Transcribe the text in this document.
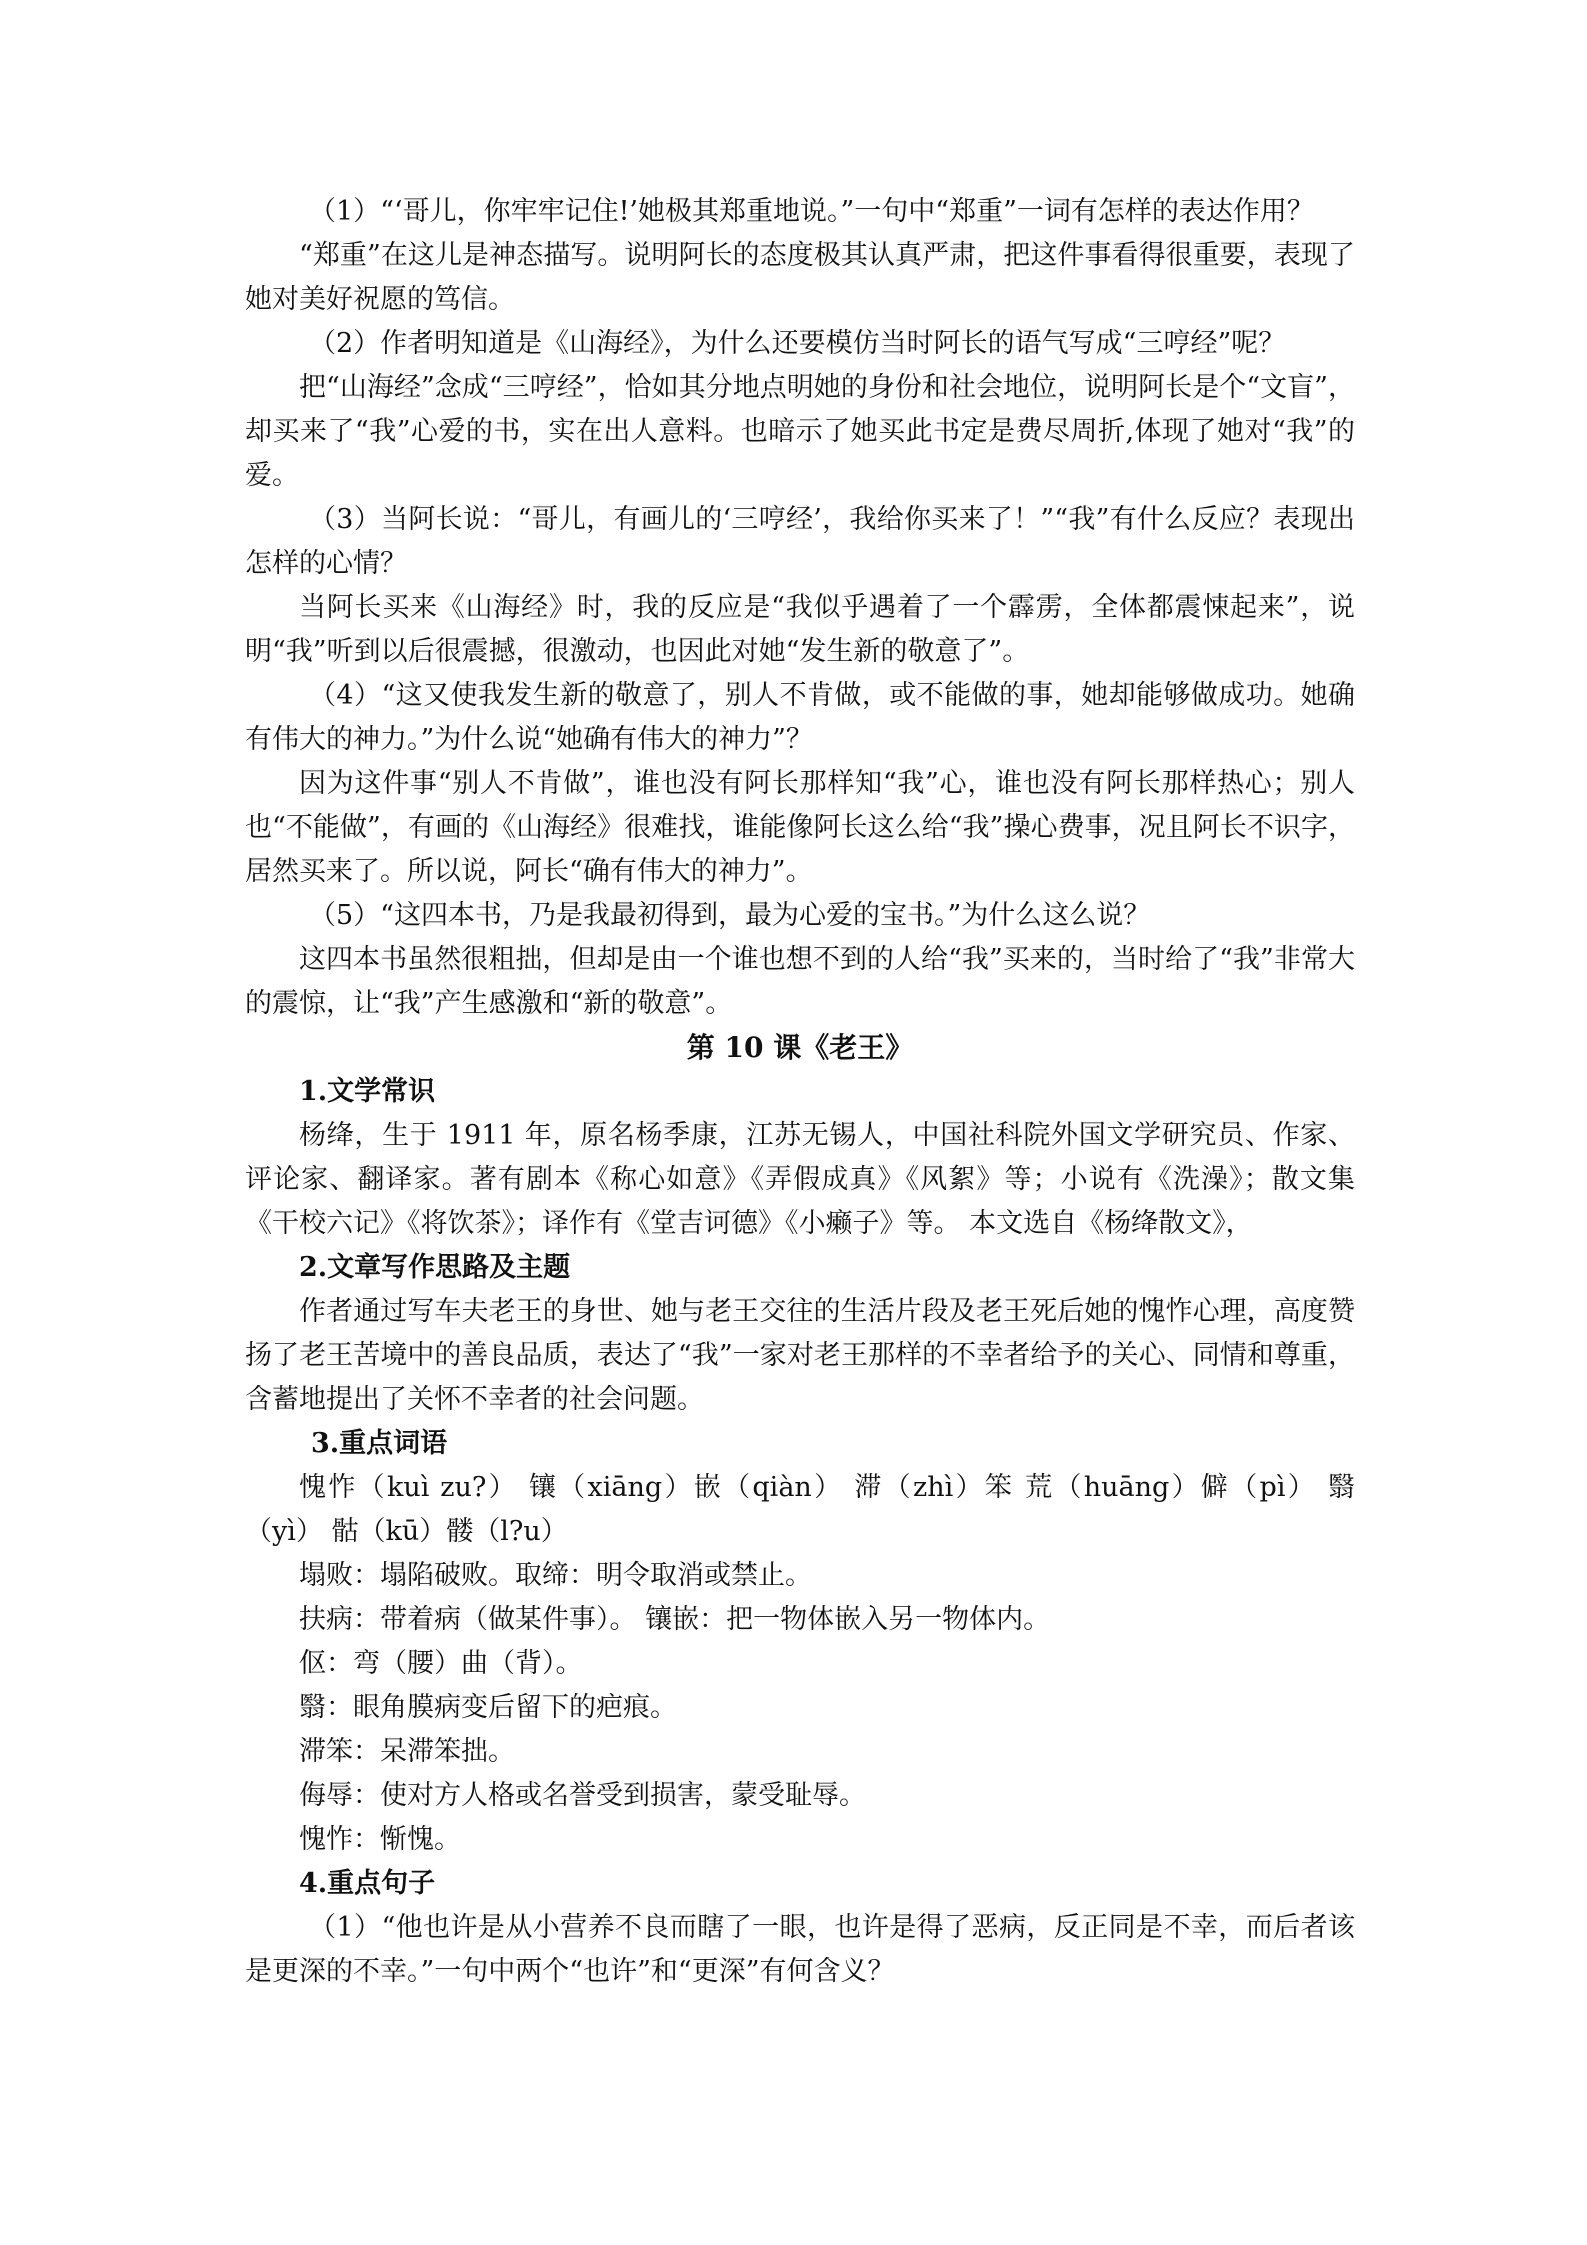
（1）“‘哥儿，你牢牢记住!’她极其郑重地说。”一句中“郑重”一词有怎样的表达作用？

“郑重”在这儿是神态描写。说明阿长的态度极其认真严肃，把这件事看得很重要，表现了她对美好祝愿的笃信。

（2）作者明知道是《山海经》，为什么还要模仿当时阿长的语气写成“三哼经”呢？

把“山海经”念成“三哼经”，恰如其分地点明她的身份和社会地位，说明阿长是个“文盲”，却买来了“我”心爱的书，实在出人意料。也暗示了她买此书定是费尽周折,体现了她对“我”的爱。

（3）当阿长说：“哥儿，有画儿的‘三哼经’，我给你买来了！”“我”有什么反应？表现出怎样的心情？

当阿长买来《山海经》时，我的反应是“我似乎遇着了一个霹雳，全体都震悚起来”，说明“我”听到以后很震撼，很激动，也因此对她“发生新的敬意了”。

（4）“这又使我发生新的敬意了，别人不肯做，或不能做的事，她却能够做成功。她确有伟大的神力。”为什么说“她确有伟大的神力”？

因为这件事“别人不肯做”，谁也没有阿长那样知“我”心，谁也没有阿长那样热心；别人也“不能做”，有画的《山海经》很难找，谁能像阿长这么给“我”操心费事，况且阿长不识字，居然买来了。所以说，阿长“确有伟大的神力”。

（5）“这四本书，乃是我最初得到，最为心爱的宝书。”为什么这么说？

这四本书虽然很粗拙，但却是由一个谁也想不到的人给“我”买来的，当时给了“我”非常大的震惊，让“我”产生感激和“新的敬意”。

第 10 课《老王》

1.文学常识

杨绛，生于 1911 年，原名杨季康，江苏无锡人，中国社科院外国文学研究员、作家、评论家、翻译家。著有剧本《称心如意》《弄假成真》《风絮》等；小说有《洗澡》；散文集《干校六记》《将饮茶》；译作有《堂吉诃德》《小癞子》等。 本文选自《杨绛散文》，

2.文章写作思路及主题

作者通过写车夫老王的身世、她与老王交往的生活片段及老王死后她的愧怍心理，高度赞扬了老王苦境中的善良品质，表达了“我”一家对老王那样的不幸者给予的关心、同情和尊重，含蓄地提出了关怀不幸者的社会问题。

3.重点词语

愧怍（kuì zu?） 镶（xiāng）嵌（qiàn） 滞（zhì）笨 荒（huāng）僻（pì） 翳（yì） 骷（kū）髅（l?u）

塌败：塌陷破败。取缔：明令取消或禁止。

扶病：带着病（做某件事）。 镶嵌：把一物体嵌入另一物体内。

伛：弯（腰）曲（背）。

翳：眼角膜病变后留下的疤痕。

滞笨：呆滞笨拙。

侮辱：使对方人格或名誉受到损害，蒙受耻辱。

愧怍：惭愧。

4.重点句子

（1）“他也许是从小营养不良而瞎了一眼，也许是得了恶病，反正同是不幸，而后者该是更深的不幸。”一句中两个“也许”和“更深”有何含义？
